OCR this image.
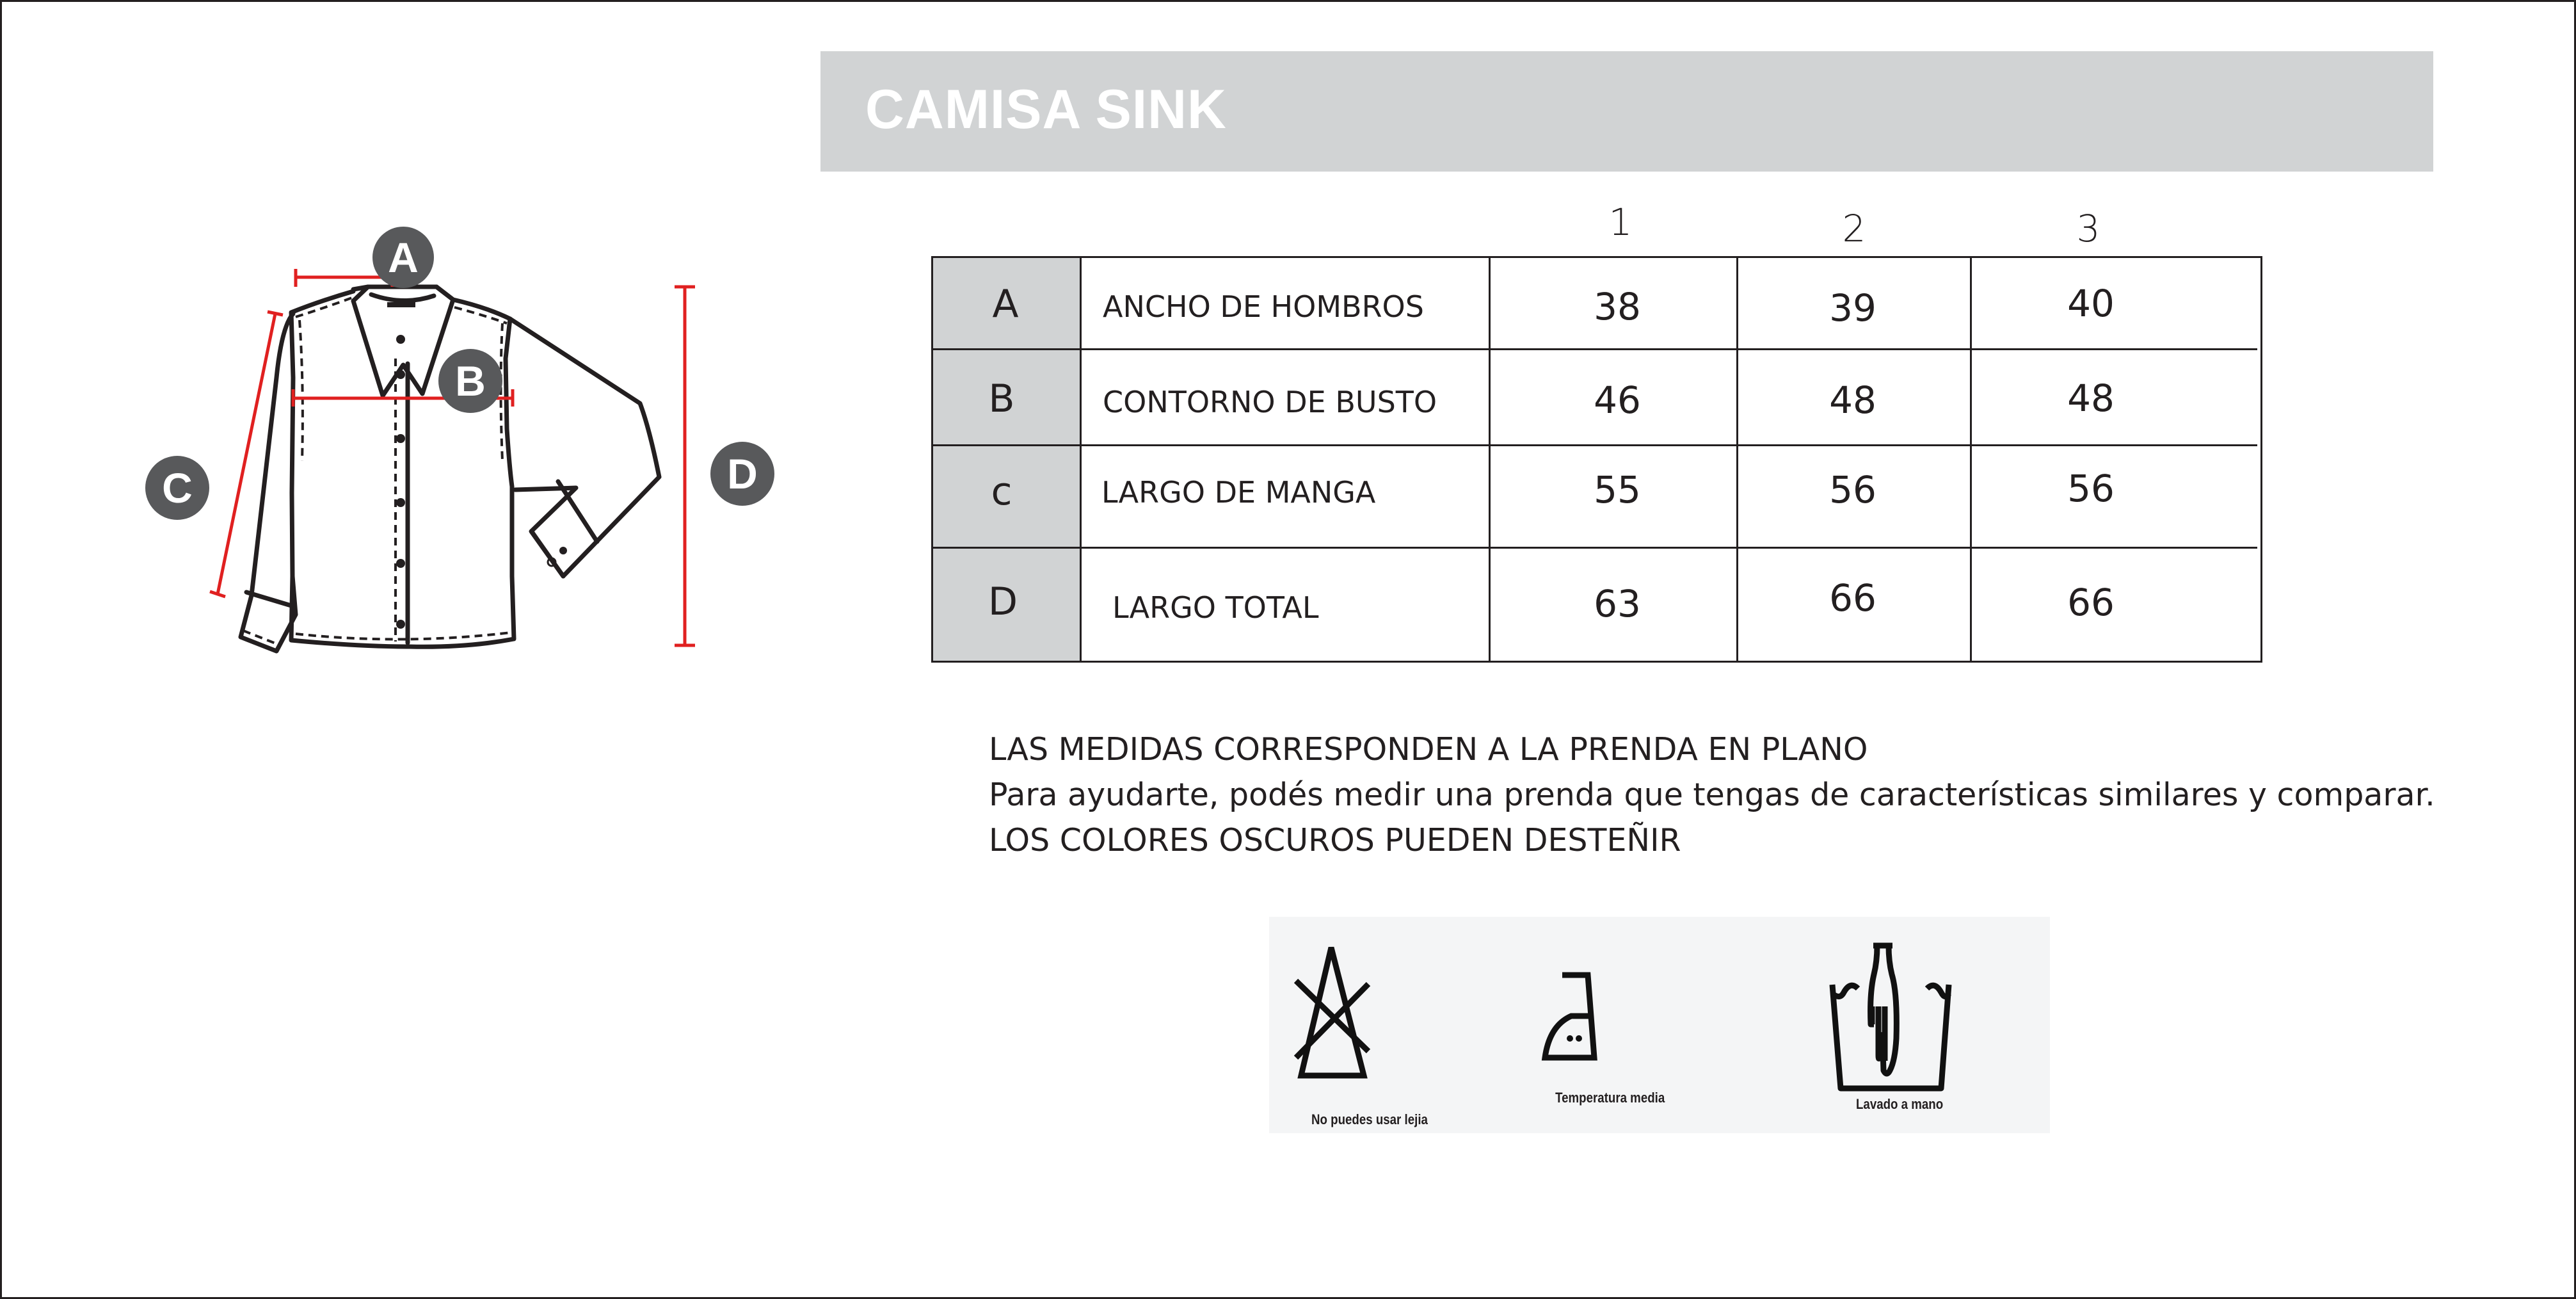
CAMISA SINK
A
B
C	D
1	2	3
A	ANCHO DE HOMBROS	38	39	40
B	CONTORNO DE BUSTO	46	48	48
c	LARGO DE MANGA	55	56	56
D	LARGO TOTAL	63	66	66
LAS MEDIDAS CORRESPONDEN A LA PRENDA EN PLANO
Para ayudarte, podés medir una prenda que tengas de características similares y comparar.
LOS COLORES OSCUROS PUEDEN DESTEÑIR
No puedes usar lejia
Temperatura media	Lavado a mano
